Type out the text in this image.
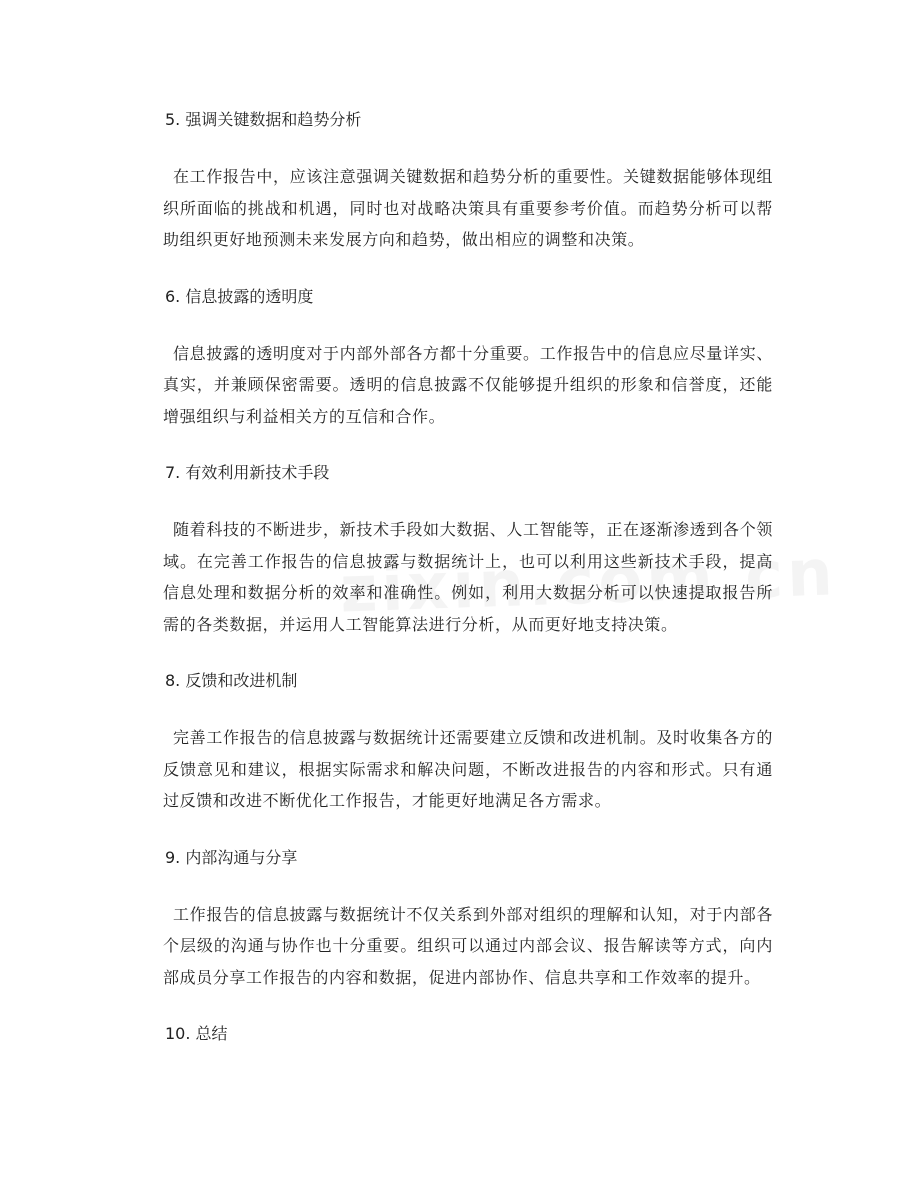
5. 强调关键数据和趋势分析
在工作报告中，应该注意强调关键数据和趋势分析的重要性。关键数据能够体现组织所面临的挑战和机遇，同时也对战略决策具有重要参考价值。而趋势分析可以帮助组织更好地预测未来发展方向和趋势，做出相应的调整和决策。
6. 信息披露的透明度
信息披露的透明度对于内部外部各方都十分重要。工作报告中的信息应尽量详实、真实，并兼顾保密需要。透明的信息披露不仅能够提升组织的形象和信誉度，还能增强组织与利益相关方的互信和合作。
7. 有效利用新技术手段
随着科技的不断进步，新技术手段如大数据、人工智能等，正在逐渐渗透到各个领域。在完善工作报告的信息披露与数据统计上，也可以利用这些新技术手段，提高信息处理和数据分析的效率和准确性。例如，利用大数据分析可以快速提取报告所需的各类数据，并运用人工智能算法进行分析，从而更好地支持决策。
8. 反馈和改进机制
完善工作报告的信息披露与数据统计还需要建立反馈和改进机制。及时收集各方的反馈意见和建议，根据实际需求和解决问题，不断改进报告的内容和形式。只有通过反馈和改进不断优化工作报告，才能更好地满足各方需求。
9. 内部沟通与分享
工作报告的信息披露与数据统计不仅关系到外部对组织的理解和认知，对于内部各个层级的沟通与协作也十分重要。组织可以通过内部会议、报告解读等方式，向内部成员分享工作报告的内容和数据，促进内部协作、信息共享和工作效率的提升。
10. 总结
